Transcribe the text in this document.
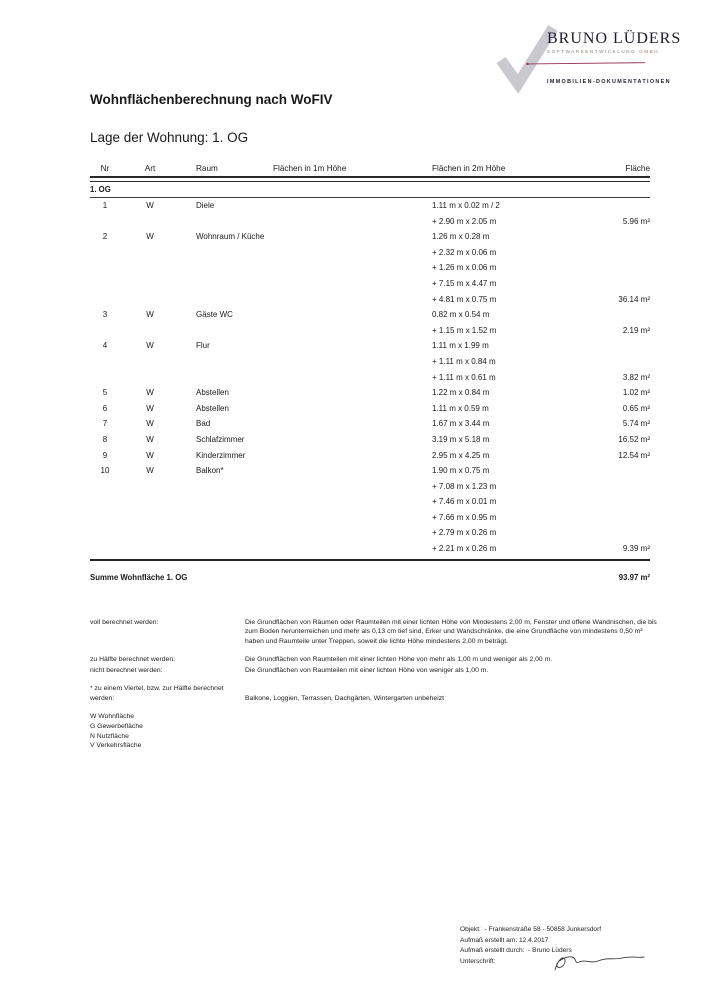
BRUNO LÜDERS
SOFTWAREENTWICKLUNG GMBH
IMMOBILIEN-DOKUMENTATIONEN
Wohnflächenberechnung nach WoFIV
Lage der Wohnung: 1. OG
Nr	Art	Raum	Flächen in 1m Höhe	Flächen in 2m Höhe	Fläche
1. OG
1	W	Diele	1.11 m x 0.02 m / 2
+ 2.90 m x 2.05 m	5.96 m²
2	W	Wohnraum / Küche	1.26 m x 0.28 m
+ 2.32 m x 0.06 m
+ 1.26 m x 0.06 m
+ 7.15 m x 4.47 m
+ 4.81 m x 0.75 m	36.14 m²
3	W	Gäste WC	0.82 m x 0.54 m
+ 1.15 m x 1.52 m	2.19 m²
4	W	Flur	1.11 m x 1.99 m
+ 1.11 m x 0.84 m
+ 1.11 m x 0.61 m	3.82 m²
5	W	Abstellen	1.22 m x 0.84 m	1.02 m²
6	W	Abstellen	1.11 m x 0.59 m	0.65 m²
7	W	Bad	1.67 m x 3.44 m	5.74 m²
8	W	Schlafzimmer	3.19 m x 5.18 m	16.52 m²
9	W	Kinderzimmer	2.95 m x 4.25 m	12.54 m²
10	W	Balkon*	1.90 m x 0.75 m
+ 7.08 m x 1.23 m
+ 7.46 m x 0.01 m
+ 7.66 m x 0.95 m
+ 2.79 m x 0.26 m
+ 2.21 m x 0.26 m	9.39 m²
Summe Wohnfläche 1. OG	93.97 m²
voll berechnet werden:	Die Grundflächen von Räumen oder Raumteilen mit einer lichten Höhe von Mindestens 2,00 m, Fenster und offene Wandnischen, die bis zum Boden herunterreichen und mehr als 0,13 cm tief sind, Erker und Wandschränke, die eine Grundfläche von mindestens 0,50 m² haben und Raumteile unter Treppen, soweit die lichte Höhe mindestens 2,00 m beträgt.
zu Hälfte berechnet werden:	Die Grundflächen von Raumteilen mit einer lichten Höhe von mehr als 1,00 m und weniger als 2,00 m.
nicht berechnet werden:	Die Grundflächen von Raumteilen mit einer lichten Höhe von weniger als 1,00 m.
* zu einem Viertel, bzw. zur Hälfte berechnet werden:	Balkone, Loggien, Terrassen, Dachgärten, Wintergarten unbeheizt
W Wohnfläche
G Gewerbefläche
N Nutzfläche
V Verkehrsfläche
Objekt:  - Frankenstraße 58 - 50858 Junkersdorf
Aufmaß erstellt am: 12.4.2017
Aufmaß erstellt durch:  - Bruno Lüders
Unterschrift:
